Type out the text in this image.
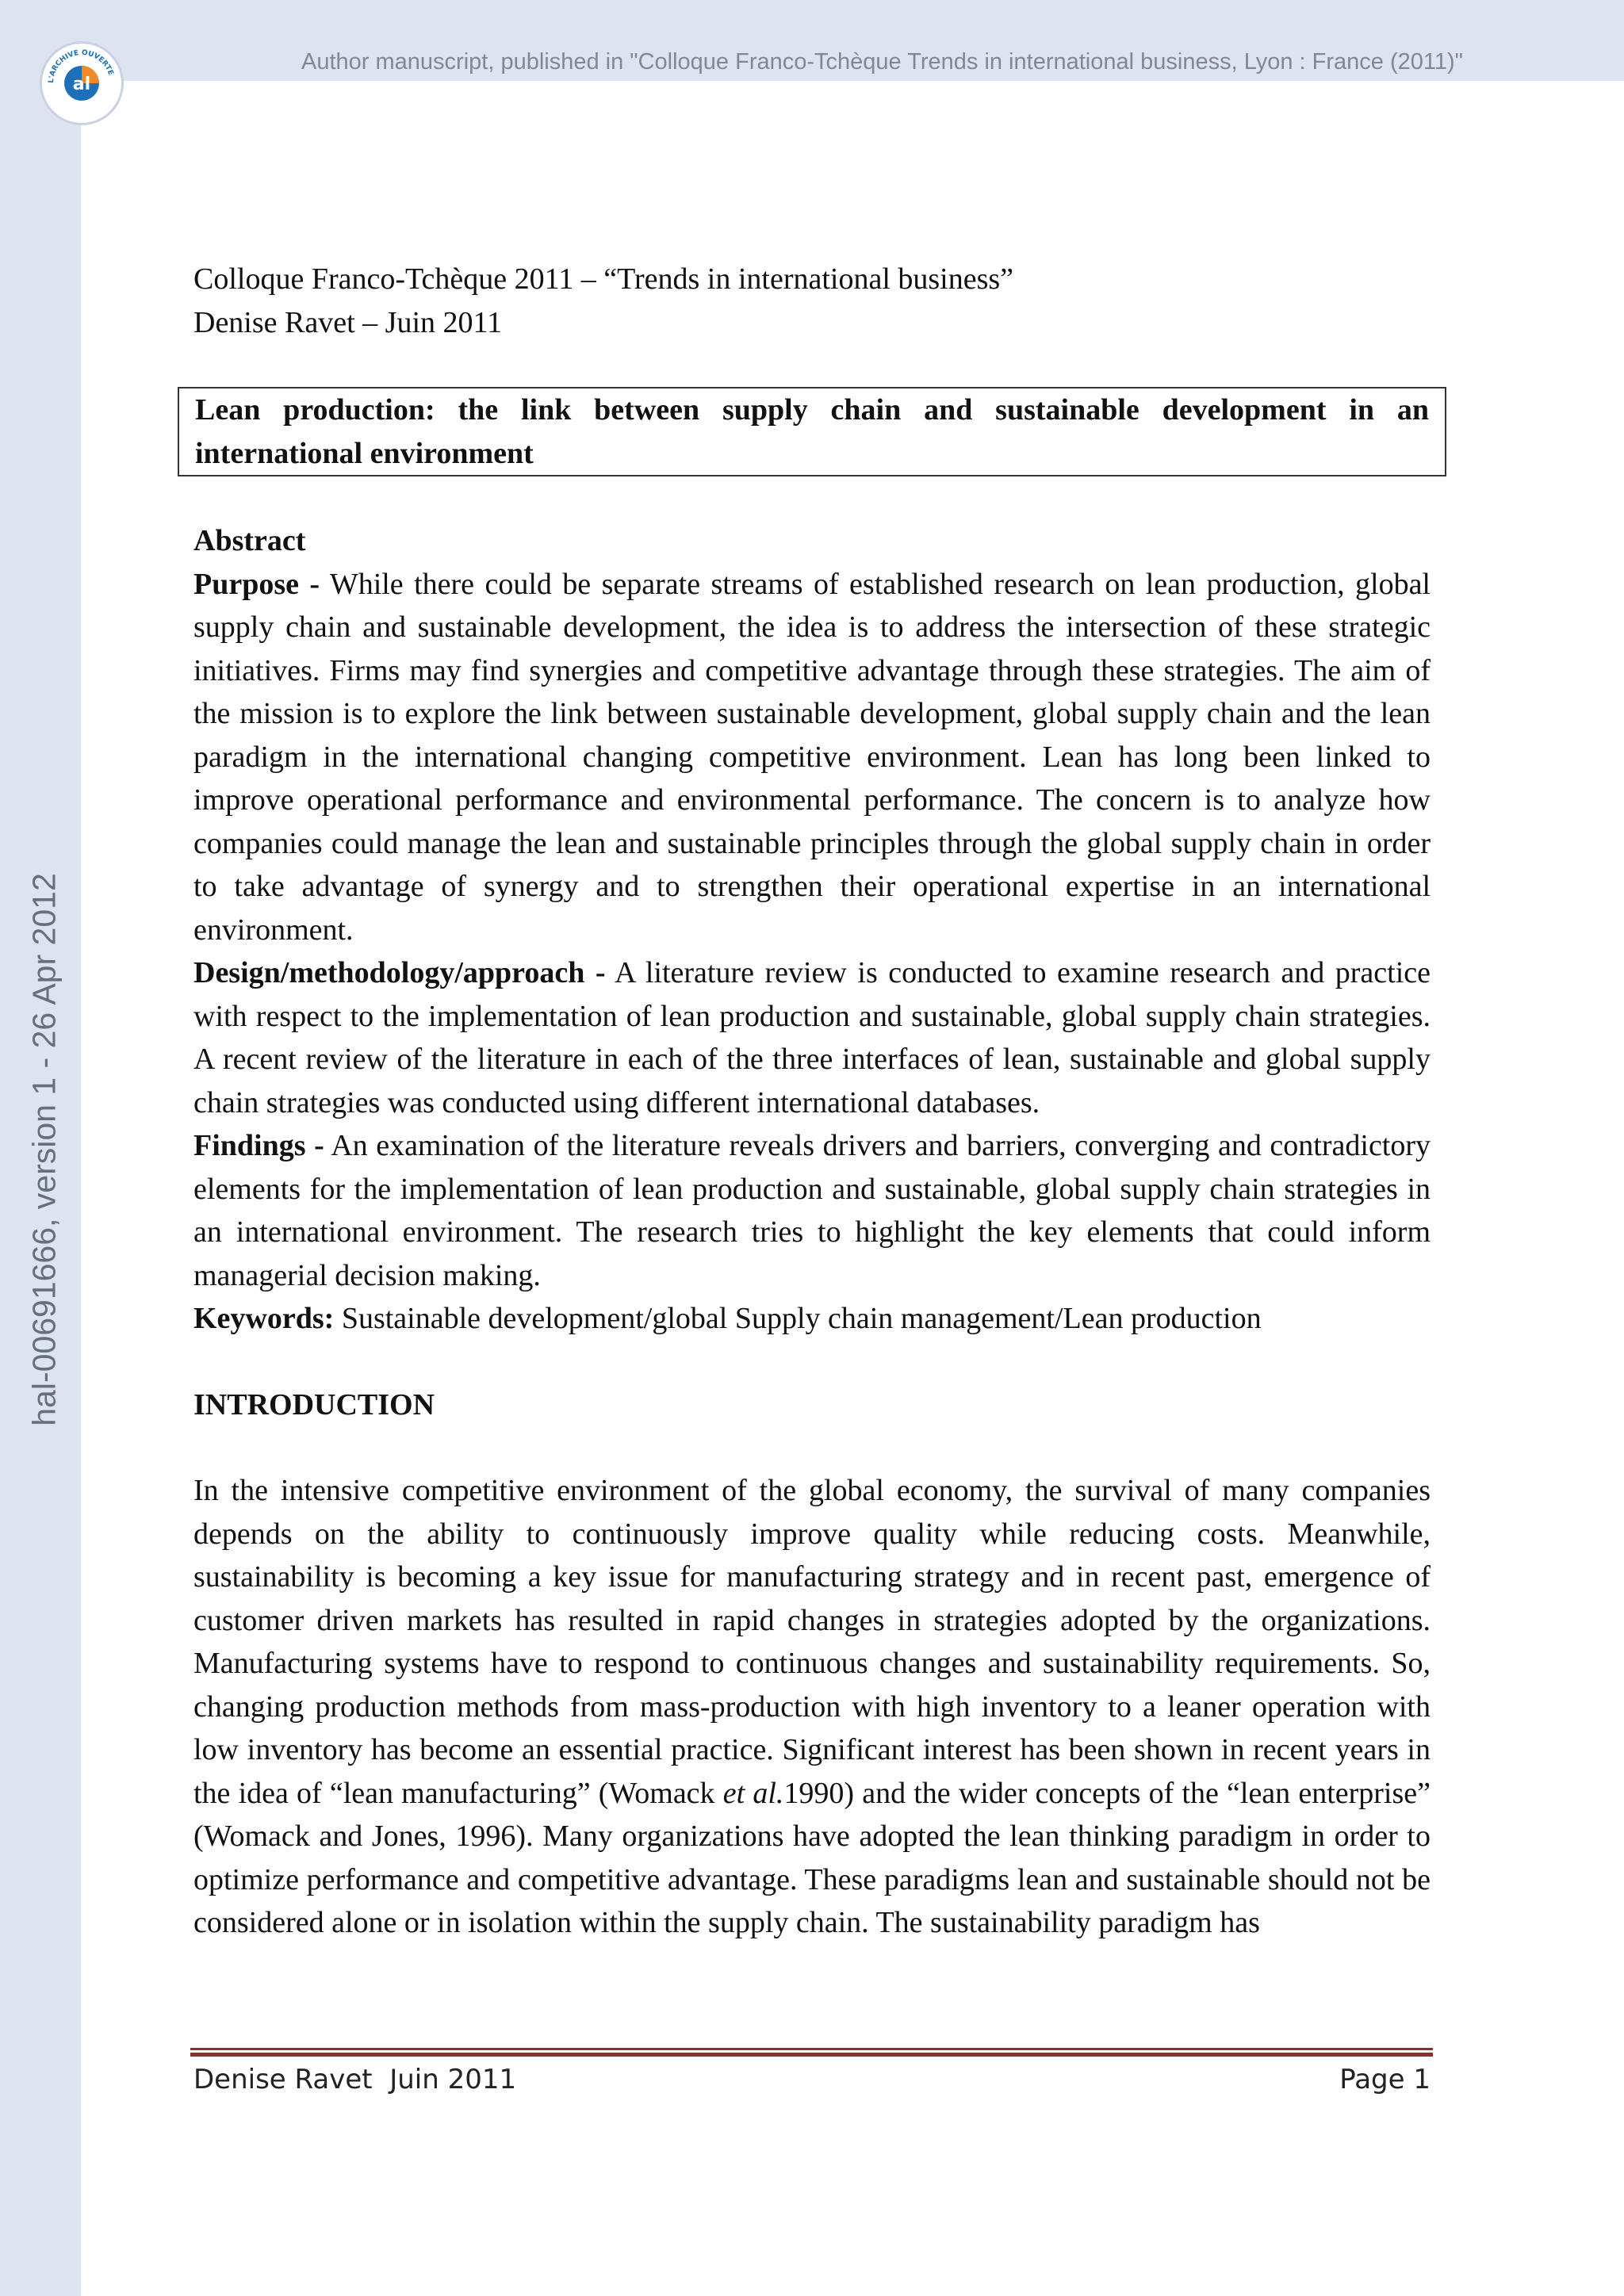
L'ARCHIVE OUVERTE
al
Author manuscript, published in "Colloque Franco-Tchèque Trends in international business, Lyon : France (2011)"
hal-00691666, version 1 - 26 Apr 2012

Colloque Franco-Tchèque 2011 – “Trends in international business”

Denise Ravet – Juin 2011

Lean production: the link between supply chain and sustainable development in an international environment

Abstract

Purpose - While there could be separate streams of established research on lean production, global supply chain and sustainable development, the idea is to address the intersection of these strategic initiatives. Firms may find synergies and competitive advantage through these strategies. The aim of the mission is to explore the link between sustainable development, global supply chain and the lean paradigm in the international changing competitive environment. Lean has long been linked to improve operational performance and environmental performance. The concern is to analyze how companies could manage the lean and sustainable principles through the global supply chain in order to take advantage of synergy and to strengthen their operational expertise in an international environment.

Design/methodology/approach - A literature review is conducted to examine research and practice with respect to the implementation of lean production and sustainable, global supply chain strategies. A recent review of the literature in each of the three interfaces of lean, sustainable and global supply chain strategies was conducted using different international databases.

Findings - An examination of the literature reveals drivers and barriers, converging and contradictory elements for the implementation of lean production and sustainable, global supply chain strategies in an international environment. The research tries to highlight the key elements that could inform managerial decision making.

Keywords: Sustainable development/global Supply chain management/Lean production

INTRODUCTION

In the intensive competitive environment of the global economy, the survival of many companies depends on the ability to continuously improve quality while reducing costs. Meanwhile, sustainability is becoming a key issue for manufacturing strategy and in recent past, emergence of customer driven markets has resulted in rapid changes in strategies adopted by the organizations. Manufacturing systems have to respond to continuous changes and sustainability requirements. So, changing production methods from mass-production with high inventory to a leaner operation with low inventory has become an essential practice. Significant interest has been shown in recent years in the idea of “lean manufacturing” (Womack et al.1990) and the wider concepts of the “lean enterprise” (Womack and Jones, 1996). Many organizations have adopted the lean thinking paradigm in order to optimize performance and competitive advantage. These paradigms lean and sustainable should not be considered alone or in isolation within the supply chain. The sustainability paradigm has

Denise Ravet  Juin 2011	Page 1
